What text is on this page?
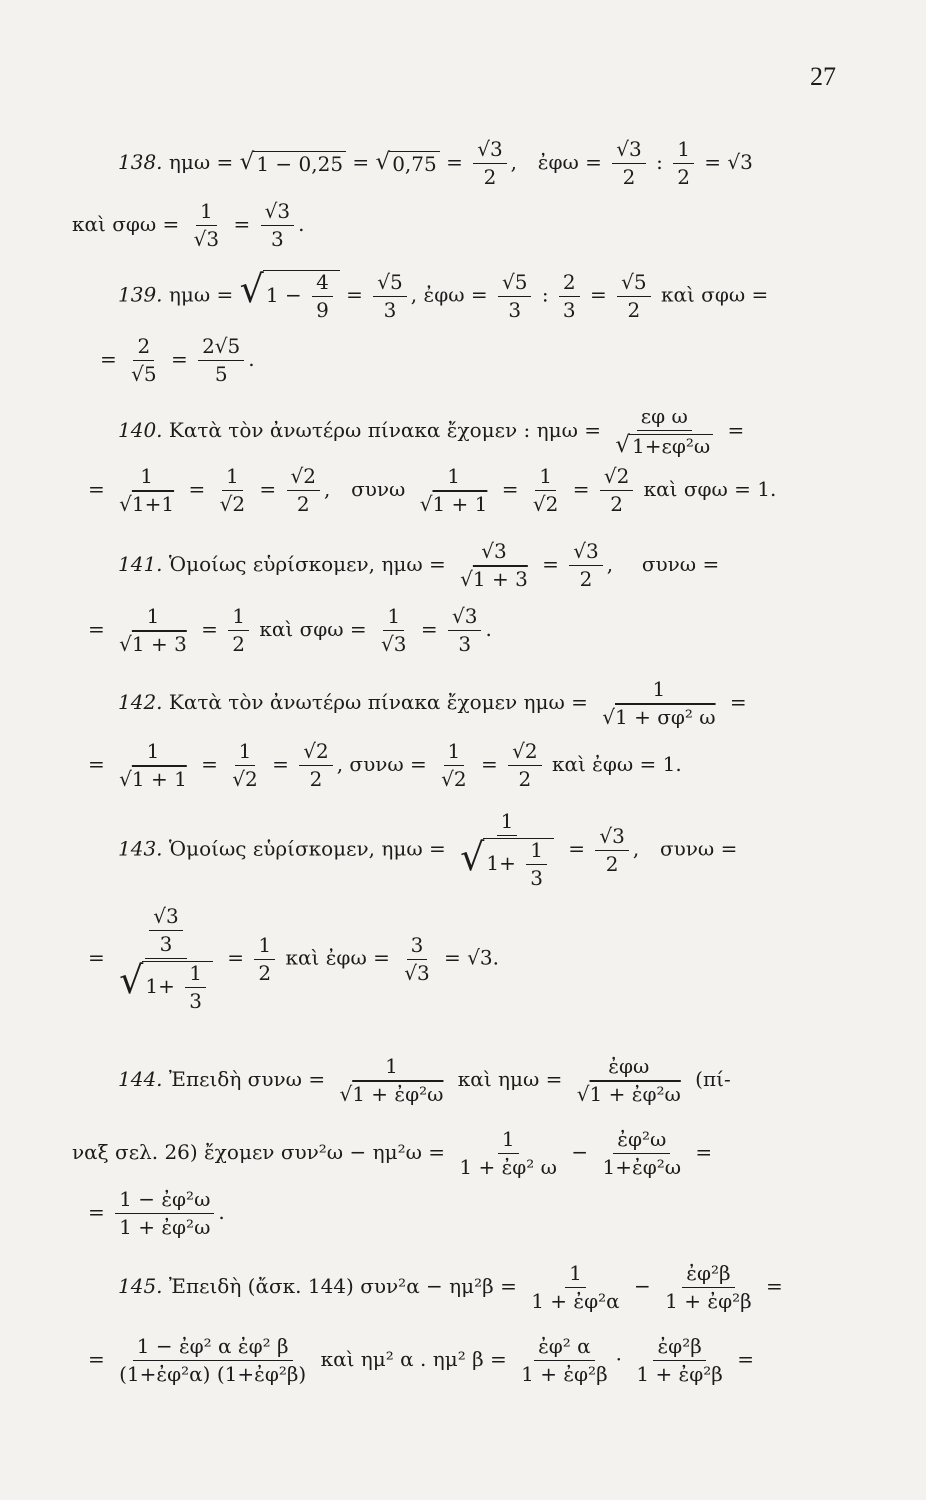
27
138. ημω = √ 1 − 0,25 = √ $0,75 = \frac{√3}{2}$ ,  ἐφω = $\frac{√3}{2}$ : $\frac{1}{2} = √3$
καὶ $\sigma\varphi\omega = \frac{1}{√3} = \frac{√3}{3}$ .
139. ημω = √ $1 - \frac{4}{9} = \frac{√5}{3}$ , ἐφω = $\frac{√5}{3}$ : $\frac{2}{3} = \frac{√5}{2}$ καὶ σφω =
= $\frac{2}{√5} = \frac{2√5}{5}$ .
140. Κατὰ τὸν ἀνωτέρω πίνακα ἔχομεν : $\eta\mu\omega = \frac{\text{εφ ω}}{\text{√ 1+εφ²ω}}$ =
= $\frac{1}{√1+1} = \frac{1}{√2} = \frac{√2}{2}$ ,  συνω $\frac{1}{√1 + 1} = \frac{1}{√2} = \frac{√2}{2}$ καὶ σφω = 1.
141. Ὁμοίως εὑρίσκομεν, $\eta\mu\omega = \frac{√3}{√1 + 3} = \frac{√3}{2}$ ,  συνω =
= $\frac{1}{√1 + 3} = \frac{1}{2}$ καὶ $\sigma\varphi\omega = \frac{1}{√3} = \frac{√3}{3}$ .
142. Κατὰ τὸν ἀνωτέρω πίνακα ἔχομεν $\eta\mu\omega = \frac{1}{\text{√1 + σφ² ω}}$ =
= $\frac{1}{√1 + 1} = \frac{1}{√2} = \frac{√2}{2}$ , $\sigma\upsilon\nu\omega = \frac{1}{√2} = \frac{√2}{2}$ καὶ ἐφω = 1.
143. Ὁμοίως εὑρίσκομεν, $\eta\mu\omega = \frac{1}{√ 1+ \frac{1}{3}} = \frac{√3}{2}$ ,  συνω =
= $\frac{\frac{√3}{3}}{√ 1+ \frac{1}{3}} = \frac{1}{2}$ καὶ ἐφω = $\frac{3}{√3} = √3$.
144. Ἐπειδὴ $\sigma\upsilon\nu\omega = \frac{1}{\text{√1 + ἐφ²ω}}$ καὶ $\eta\mu\omega = \frac{\text{ἐφω}}{\text{√1 + ἐφ²ω}} (\pi ί-$
ναξ σελ. 26) ἔχομεν $\sigma\upsilon\nu^2\omega - \eta\mu^2\omega = \frac{1}{\text{1 + ἐφ² ω}} - \frac{\text{ἐφ²ω}}{\text{1+ἐφ²ω}}$ =
= $\frac{\text{1 − ἐφ²ω}}{\text{1 + ἐφ²ω}}$ .
145. Ἐπειδὴ (ἄσκ. 144) $\sigma\upsilon\nu^2\alpha - \eta\mu^2\beta = \frac{1}{\text{1 + ἐφ²α}} - \frac{\text{ἐφ²β}}{\text{1 + ἐφ²β}}$ =
= $\frac{\text{1 − ἐφ² α ἐφ² β}}{\text{(1+ἐφ²α) (1+ἐφ²β)}}$ καὶ ημ² α . ημ² $\beta = \frac{\text{ἐφ² α}}{\text{1 + ἐφ²β}} \cdot \frac{\text{ἐφ²β}}{\text{1 + ἐφ²β}}$ =
